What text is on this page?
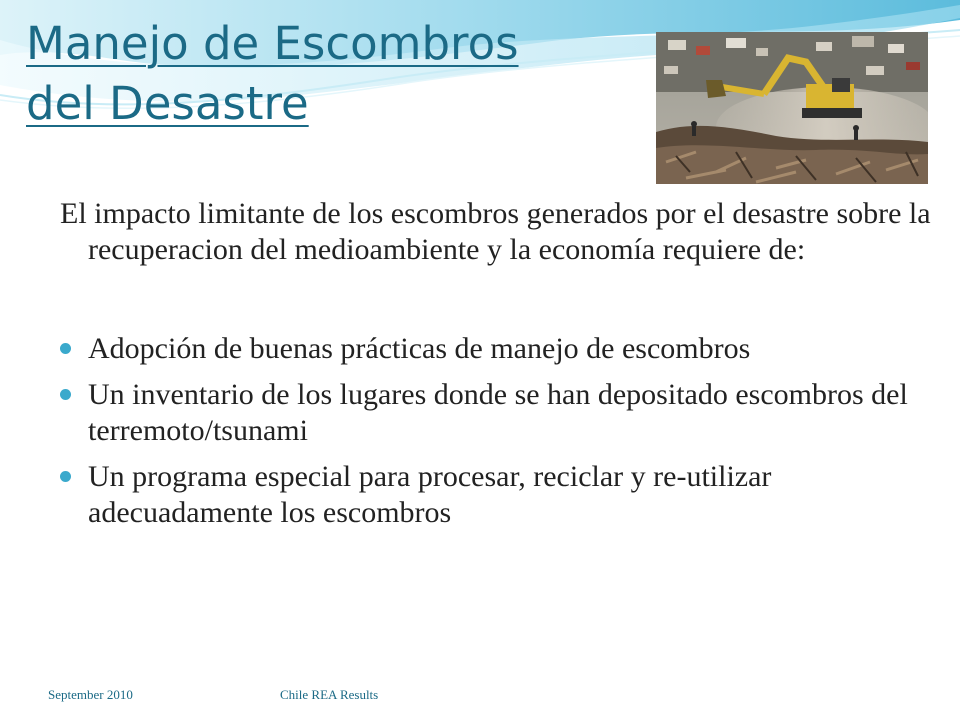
Manejo de Escombros
del Desastre

El impacto limitante de los escombros generados por el desastre sobre la recuperacion del medioambiente y la economía requiere de:

Adopción de buenas prácticas de manejo de escombros
Un inventario de los lugares donde se han depositado escombros del terremoto/tsunami
Un programa especial para procesar, reciclar y re-utilizar adecuadamente los escombros
September 2010	Chile REA Results
